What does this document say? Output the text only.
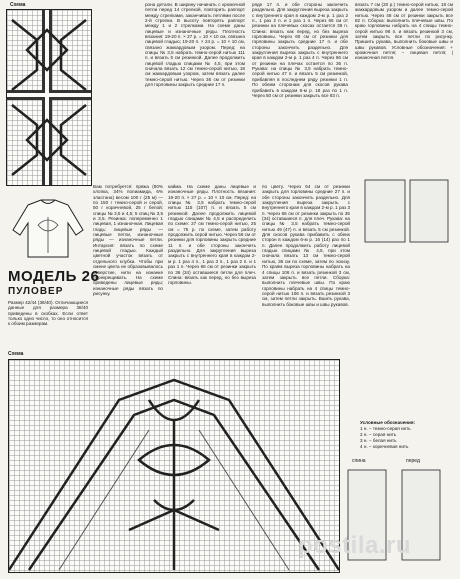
Схема	рона детали. В ширину начинать с кромочной петли перед 14 стрелкой, повторить раппорт между стрелками, заканчивать петлями после 2-й стрелки. В высоту повторять раппорт между 1 и 2 стрелками. На схеме даны лицевые и изнаночные ряды. Плотность вязания: 19-20 п. × 27 р. = 10 × 10 см, связано лицевой гладью; 19-20 п. × 24 р. = 10 × 10 см, связано жаккардовым узором. Перед: на спицы № 3,5 набрать темно-серой нитью 111 п. и вязать 5 см резинкой. Далее продолжить лицевой гладью спицами № 4,5, при этом сначала вязать 12 см темно-серой нитью, 18 см жаккардовым узором, затем вязать далее темно-серой нитью. Через 36 см от резинки для горловины закрыть средние 17 п.
ряде 17 п. и обе стороны закончить раздельно. Для закругления выреза закрыть с внутреннего края в каждом 2-м р. 1 раз 2 п., 1 раз 2 п. и 1 раз 1 п. Через 66 см от резинки на плечевых скосах остается 36 п. Спина: вязать как перед, но без выреза горловины. Через 60 см от резинки для горловины закрыть средние 17 п. и обе стороны закончить раздельно. Для закругления выреза закрыть с внутреннего края в каждом 2-м р. 1 раз 4 п. Через 66 см от резинки на плечах остается по 36 п. Рукава: на спицы № 3,5 набрать темно-серой нитью 47 п. и вязать 5 см резинкой, прибавляя в последнем ряду резинки 1 п. По обеим сторонам для скосов рукава прибавить в каждом 6-м р. 18 раз по 1 п. Через 50 см от резинки закрыть все 83 п.
вязать 7 см (20 р.) темно-серой нитью, 18 см жаккардовым узором и далее темно-серой нитью. Через 48 см от резинки закрыть все 82 п. Сборка: выполнить плечевые швы. По краю горловины набрать на 4 спицы темно-серой нитью 96 п. и вязать резинкой 3 см, затем закрыть все петли по рисунку. Пришить рукава, выполнить боковые швы и швы рукавов. Условные обозначения: + кромочная петля; − лицевая петля; | изнаночная петля.
Вам потребуется: пряжа (60% хлопка, 34% полиамида, 6% эластана) весом 100 г (25 м) — по 150 г темно-серой и серой, 50 г коричневой, 25 г белой; спицы № 3,5 и 4,5; 5 спиц № 3,5 и 3,5. Резинка: попеременно 1 лицевая, 1 изнаночная. Лицевая гладь: лицевые ряды — лицевые петли, изнаночные ряды — изнаночные петли. Интарсия: вязать по схеме лицевой гладью. Каждый цветной участок вязать от отдельного клубка. Чтобы при смене цвета не образовывалось отверстие, нити на изнанке перекрещивать. На схеме приведены лицевые ряды; изнаночные ряды вязать по рисунку.
МОДЕЛЬ 26
ПУЛОВЕР
Размер 42/44 (38/40). Отличающиеся данные для размера 38/40 приведены в скобках. Если ответ только одно число, то оно относится к обоим размерам.
кайма. На схеме даны лицевые и изнаночные ряды. Плотность вязания: 19-20 п. × 27 р. = 10 × 10 см. Перед: на спицы № 3,5 набрать темно-серой нитью 115 (107) п. и вязать 5 см резинкой. Далее продолжить лицевой гладью спицами № 4,5 и распределить по схеме: 27 см темно-серой нитью, 25 см = 75 р. по схеме, затем работу продолжить серой нитью. Через 56 см от резинки для горловины закрыть средние 11 п. и обе стороны закончить раздельно. Для закругления выреза закрыть с внутреннего края в каждом 2-м р. 1 раз 4 п., 1 раз 3 п., 1 раз 2 п. и 1 раз 1 п. Через 66 см от резинки закрыть по 36 (34) оставшиеся петли для плеч. Спина: вязать как перед, но без выреза горловины.
по цвету. Через 64 см от резинки закрыть для горловины средние 27 п. и обе стороны закончить раздельно. Для закругления выреза закрыть с внутреннего края в каждом 2-м р. 1 раз 3 п. Через 66 см от резинки закрыть по 36 (34) оставшиеся п. для плеч. Рукава: на спицы № 3,5 набрать темно-серой нитью 49 (47) п. и вязать 5 см резинкой. Для скосов рукава прибавить с обеих сторон в каждом 6-м р. 16 (14) раз по 1 п. Далее продолжить работу лицевой гладью спицами № 4,5, при этом сначала вязать 13 см темно-серой нитью, 36 см по схеме, затем по эскизу. По краям выреза горловины набрать на 4 спицы 106 п. и вязать резинкой 3 см, затем закрыть все петли. Сборка: выполнить плечевые швы. По краю горловины набрать на 4 спицы темно-серой нитью 106 п. и вязать резинкой 3 см, затем петли закрыть. Вшить рукава, выполнить боковые швы и швы рукавов.
Условные обозначения:
1 н. − темно-серая нить
2 н. − серая нить
3 н. − белая нить
4 н. − коричневая нить
Схема
спина	перед
postila.ru
